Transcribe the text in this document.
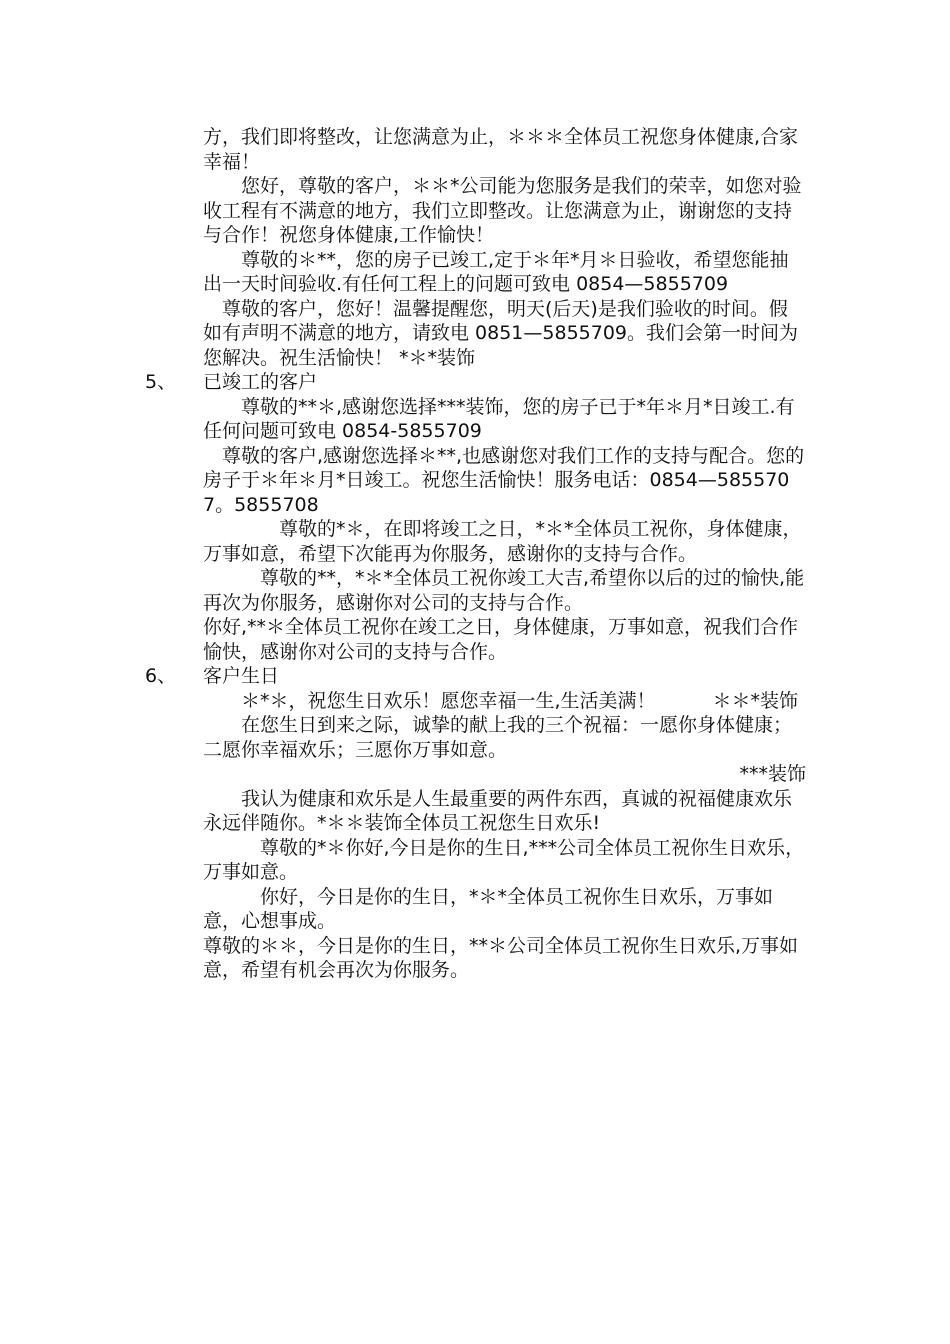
方，我们即将整改，让您满意为止，＊＊＊全体员工祝您身体健康,合家幸福！

　　您好，尊敬的客户，＊＊*公司能为您服务是我们的荣幸，如您对验收工程有不满意的地方，我们立即整改。让您满意为止，谢谢您的支持与合作！祝您身体健康,工作愉快！

　　尊敬的＊**，您的房子已竣工,定于＊年*月＊日验收，希望您能抽出一天时间验收.有任何工程上的问题可致电 0854—5855709

　尊敬的客户，您好！温馨提醒您，明天(后天)是我们验收的时间。假如有声明不满意的地方，请致电 0851—5855709。我们会第一时间为您解决。祝生活愉快！ *＊*装饰

5、 已竣工的客户

　　尊敬的**＊,感谢您选择***装饰，您的房子已于*年＊月*日竣工.有任何问题可致电 0854-5855709

　尊敬的客户,感谢您选择＊**,也感谢您对我们工作的支持与配合。您的房子于＊年＊月*日竣工。祝您生活愉快！服务电话：0854—5855707。5855708

　　　　尊敬的*＊，在即将竣工之日，*＊*全体员工祝你，身体健康，万事如意，希望下次能再为你服务，感谢你的支持与合作。

　　　尊敬的**，*＊*全体员工祝你竣工大吉,希望你以后的过的愉快,能再次为你服务，感谢你对公司的支持与合作。

你好,**＊全体员工祝你在竣工之日，身体健康，万事如意，祝我们合作愉快，感谢你对公司的支持与合作。

6、 客户生日

　　＊*＊，祝您生日欢乐！愿您幸福一生,生活美满！　　　＊＊*装饰

　　在您生日到来之际，诚挚的献上我的三个祝福：一愿你身体健康；二愿你幸福欢乐；三愿你万事如意。

***装饰

　　我认为健康和欢乐是人生最重要的两件东西，真诚的祝福健康欢乐永远伴随你。*＊＊装饰全体员工祝您生日欢乐!

　　　尊敬的*＊你好,今日是你的生日,***公司全体员工祝你生日欢乐，万事如意。

　　　你好，今日是你的生日，*＊*全体员工祝你生日欢乐，万事如意，心想事成。

尊敬的＊＊，今日是你的生日，**＊公司全体员工祝你生日欢乐,万事如意，希望有机会再次为你服务。
